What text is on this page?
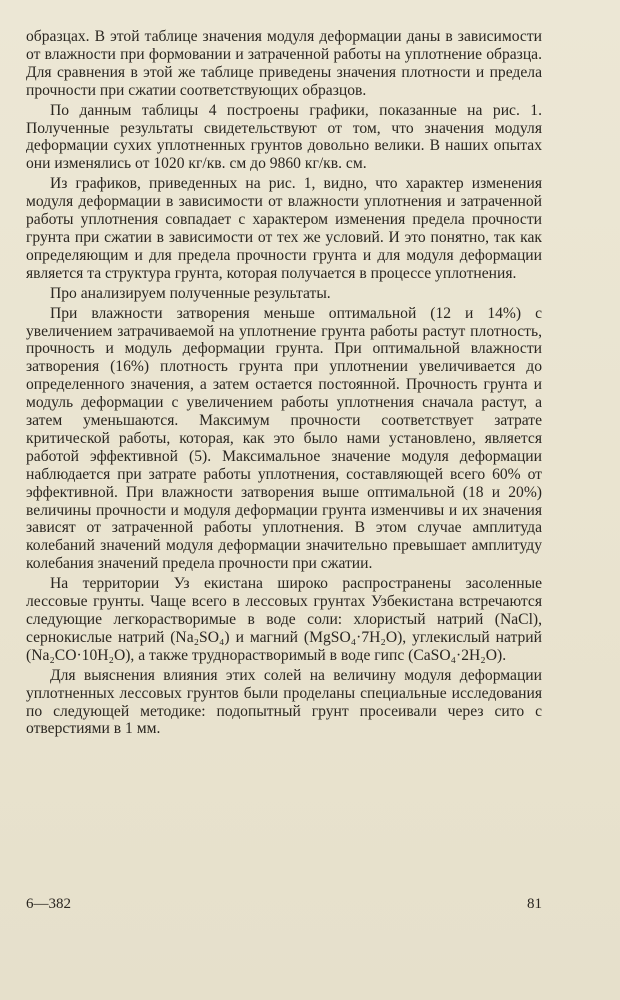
образцах. В этой таблице значения модуля деформации даны в зависимости от влажности при формовании и затраченной работы на уплотнение образца. Для сравнения в этой же таблице приведены значения плотности и предела прочности при сжатии соответствующих образцов.

По данным таблицы 4 построены графики, показанные на рис. 1. Полученные результаты свидетельствуют от том, что значения модуля деформации сухих уплотненных грунтов довольно велики. В наших опытах они изменялись от 1020 кг/кв. см до 9860 кг/кв. см.

Из графиков, приведенных на рис. 1, видно, что характер изменения модуля деформации в зависимости от влажности уплотнения и затраченной работы уплотнения совпадает с характером изменения предела прочности грунта при сжатии в зависимости от тех же условий. И это понятно, так как определяющим и для предела прочности грунта и для модуля деформации является та структура грунта, которая получается в процессе уплотнения.

Про анализируем полученные результаты.

При влажности затворения меньше оптимальной (12 и 14%) с увеличением затрачиваемой на уплотнение грунта работы растут плотность, прочность и модуль деформации грунта. При оптимальной влажности затворения (16%) плотность грунта при уплотнении увеличивается до определенного значения, а затем остается постоянной. Прочность грунта и модуль деформации с увеличением работы уплотнения сначала растут, а затем уменьшаются. Максимум прочности соответствует затрате критической работы, которая, как это было нами установлено, является работой эффективной (5). Максимальное значение модуля деформации наблюдается при затрате работы уплотнения, составляющей всего 60% от эффективной. При влажности затворения выше оптимальной (18 и 20%) величины прочности и модуля деформации грунта изменчивы и их значения зависят от затраченной работы уплотнения. В этом случае амплитуда колебаний значений модуля деформации значительно превышает амплитуду колебания значений предела прочности при сжатии.

На территории Уз екистана широко распространены засоленные лессовые грунты. Чаще всего в лессовых грунтах Узбекистана встречаются следующие легкорастворимые в воде соли: хлористый натрий (NaCl), сернокислые натрий (Na₂SO₄) и магний (MgSO₄·7H₂O), углекислый натрий (Na₂CO·10H₂O), а также труднорастворимый в воде гипс (CaSO₄·2H₂O).

Для выяснения влияния этих солей на величину модуля деформации уплотненных лессовых грунтов были проделаны специальные исследования по следующей методике: подопытный грунт просеивали через сито с отверстиями в 1 мм.

6—382	81
